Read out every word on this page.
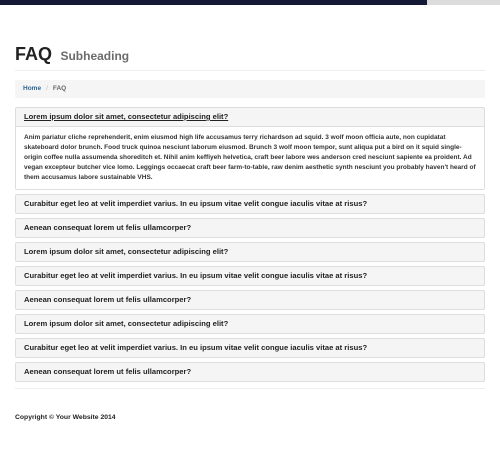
FAQ Subheading
Home / FAQ
Lorem ipsum dolor sit amet, consectetur adipiscing elit?
Anim pariatur cliche reprehenderit, enim eiusmod high life accusamus terry richardson ad squid. 3 wolf moon officia aute, non cupidatat skateboard dolor brunch. Food truck quinoa nesciunt laborum eiusmod. Brunch 3 wolf moon tempor, sunt aliqua put a bird on it squid single-origin coffee nulla assumenda shoreditch et. Nihil anim keffiyeh helvetica, craft beer labore wes anderson cred nesciunt sapiente ea proident. Ad vegan excepteur butcher vice lomo. Leggings occaecat craft beer farm-to-table, raw denim aesthetic synth nesciunt you probably haven't heard of them accusamus labore sustainable VHS.
Curabitur eget leo at velit imperdiet varius. In eu ipsum vitae velit congue iaculis vitae at risus?
Aenean consequat lorem ut felis ullamcorper?
Lorem ipsum dolor sit amet, consectetur adipiscing elit?
Curabitur eget leo at velit imperdiet varius. In eu ipsum vitae velit congue iaculis vitae at risus?
Aenean consequat lorem ut felis ullamcorper?
Lorem ipsum dolor sit amet, consectetur adipiscing elit?
Curabitur eget leo at velit imperdiet varius. In eu ipsum vitae velit congue iaculis vitae at risus?
Aenean consequat lorem ut felis ullamcorper?
Copyright © Your Website 2014
